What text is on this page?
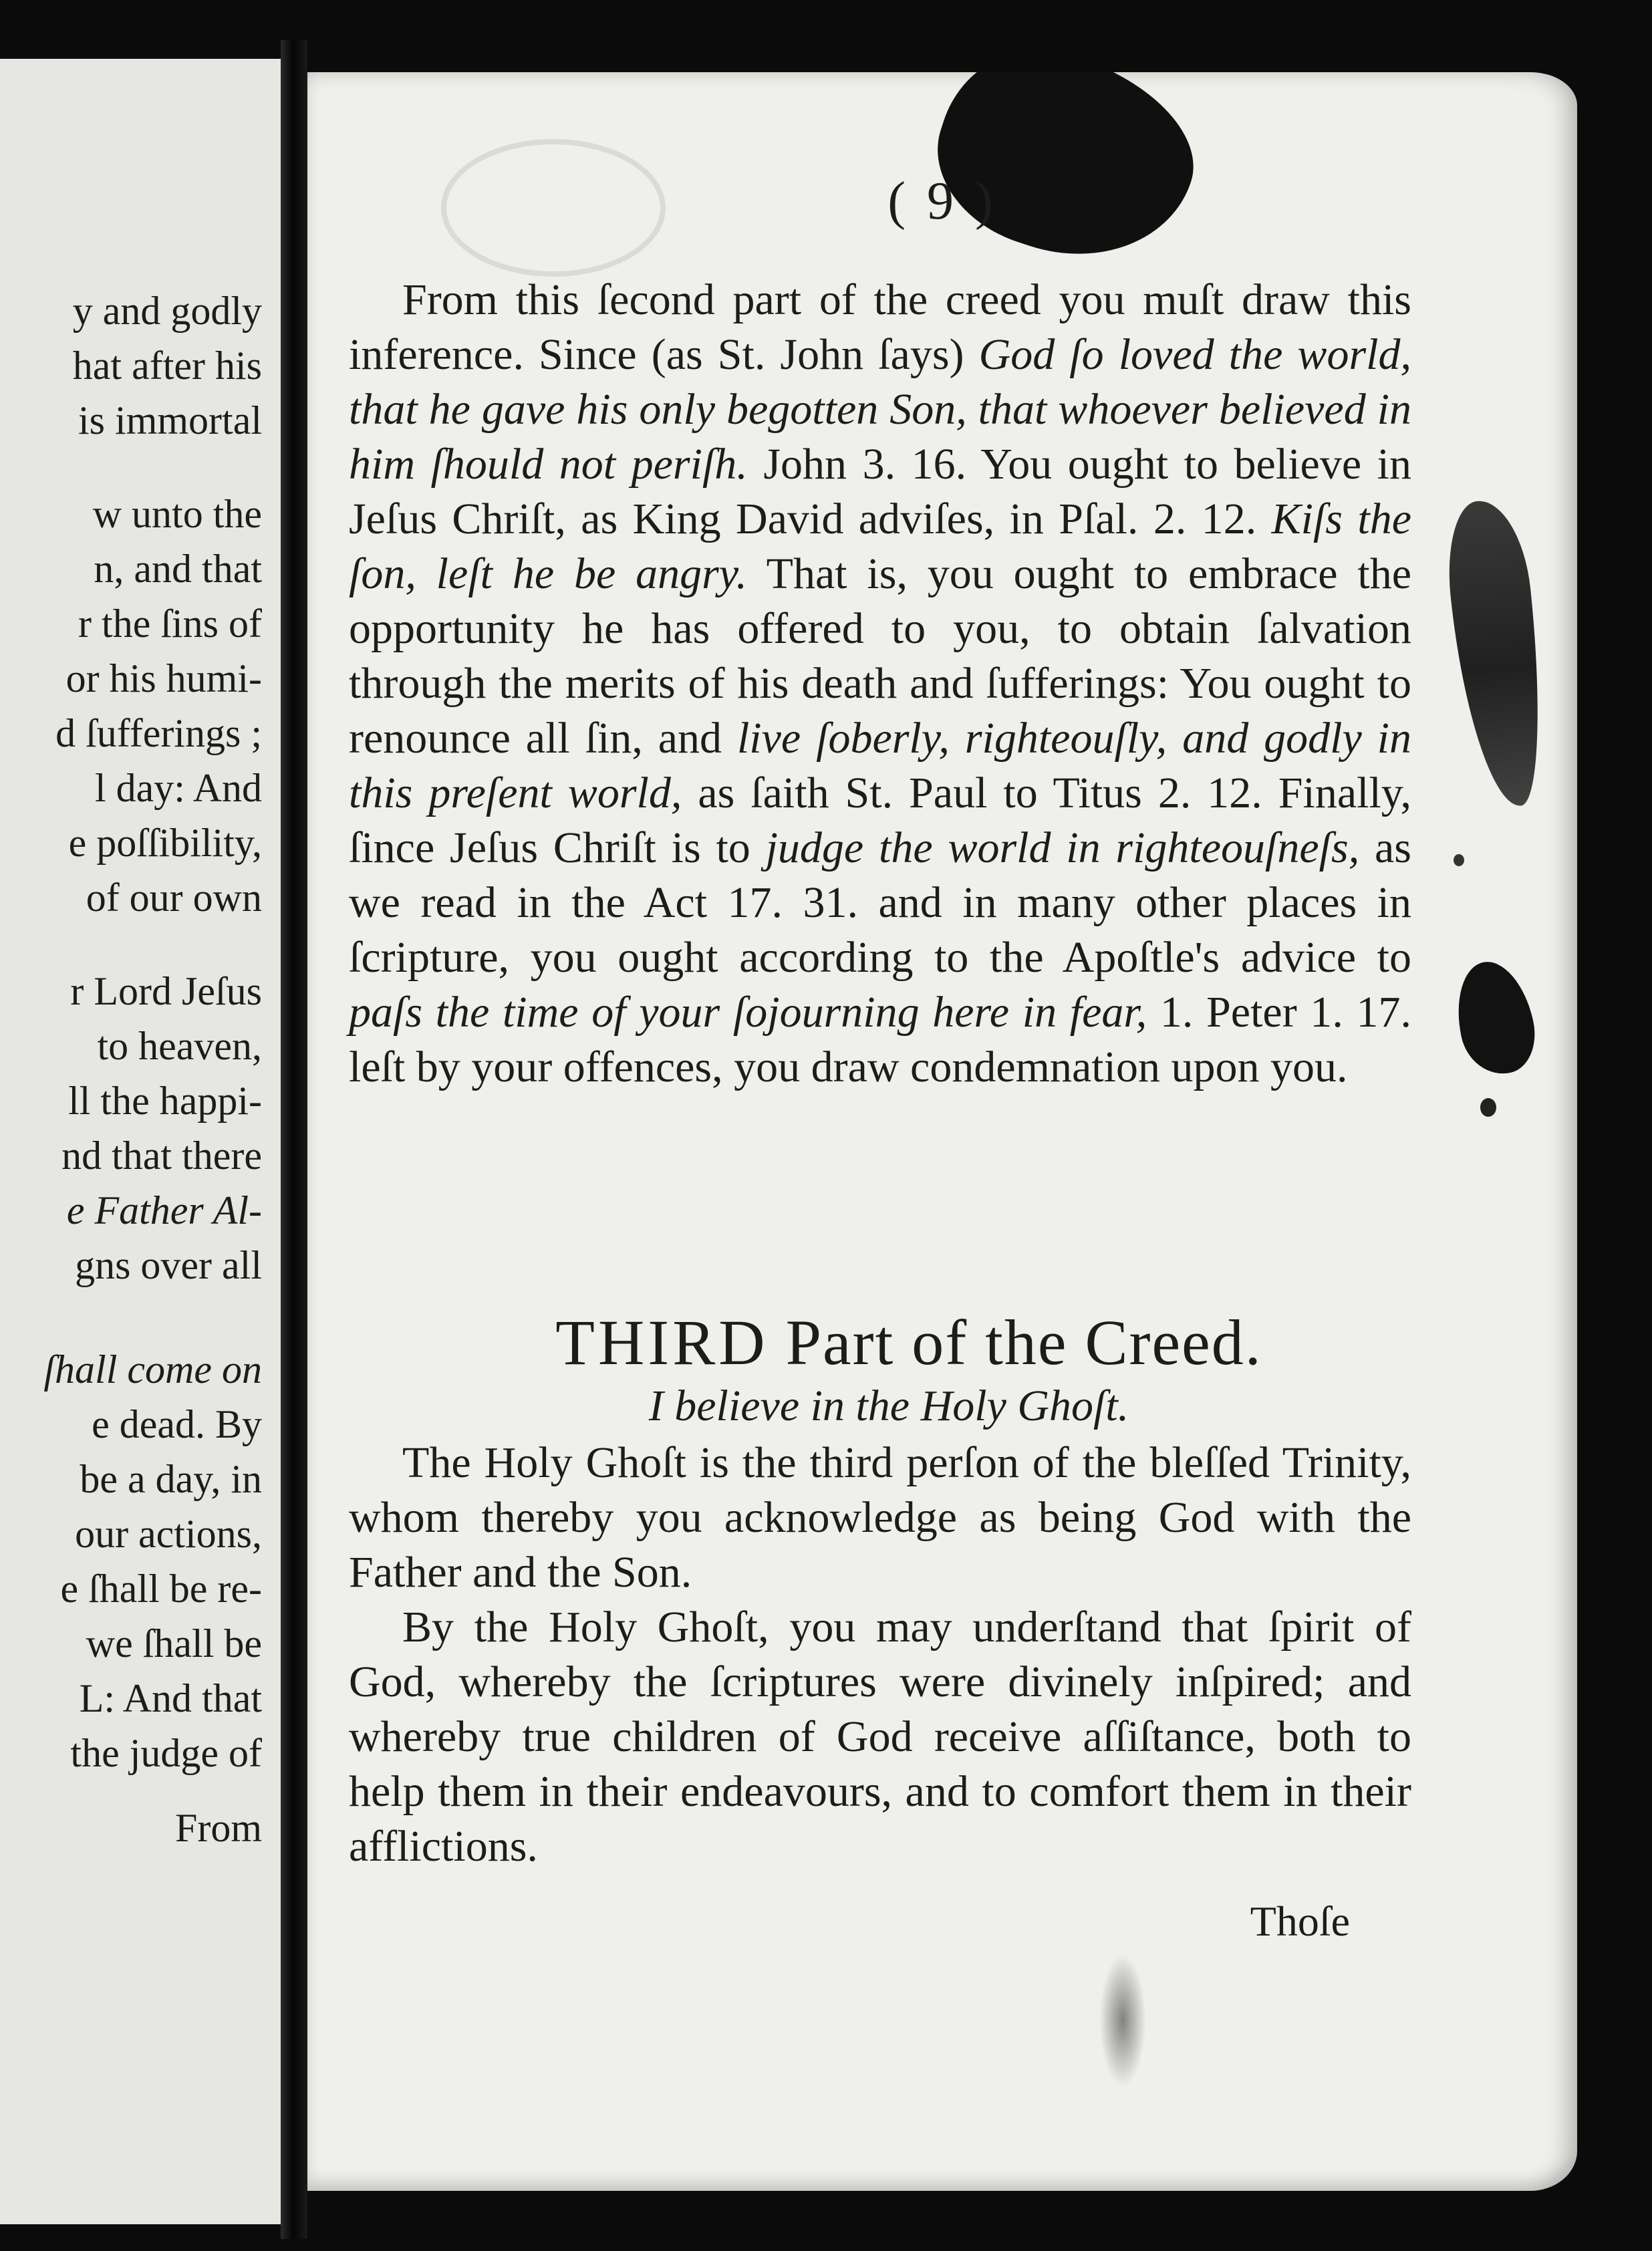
y and godly
hat after his
is immortal
w unto the
n, and that
r the ſins of
or his humi-
d ſufferings ;
l day: And
e poſſibility,
of our own
r Lord Jeſus
to heaven,
ll the happi-
nd that there
e Father Al-
gns over all
ſhall come on
e dead. By
be a day, in
our actions,
e ſhall be re-
we ſhall be
L: And that
the judge of
From
( 9 )

From this ſecond part of the creed you muſt draw this inference. Since (as St. John ſays) God ſo loved the world, that he gave his only begotten Son, that whoever believed in him ſhould not periſh. John 3. 16. You ought to believe in Jeſus Chriſt, as King David adviſes, in Pſal. 2. 12. Kiſs the ſon, leſt he be angry. That is, you ought to embrace the opportunity he has offered to you, to obtain ſalvation through the merits of his death and ſufferings: You ought to renounce all ſin, and live ſoberly, righteouſly, and godly in this preſent world, as ſaith St. Paul to Titus 2. 12. Finally, ſince Jeſus Chriſt is to judge the world in righteouſneſs, as we read in the Act 17. 31. and in many other places in ſcripture, you ought according to the Apoſtle's advice to paſs the time of your ſojourning here in fear, 1. Peter 1. 17. leſt by your offences, you draw condemnation upon you.

THIRD Part of the Creed.
I believe in the Holy Ghoſt.

The Holy Ghoſt is the third perſon of the bleſſed Trinity, whom thereby you acknowledge as being God with the Father and the Son.

By the Holy Ghoſt, you may underſtand that ſpirit of God, whereby the ſcriptures were divinely inſpired; and whereby true children of God receive aſſiſtance, both to help them in their endeavours, and to comfort them in their afflictions.

Thoſe
